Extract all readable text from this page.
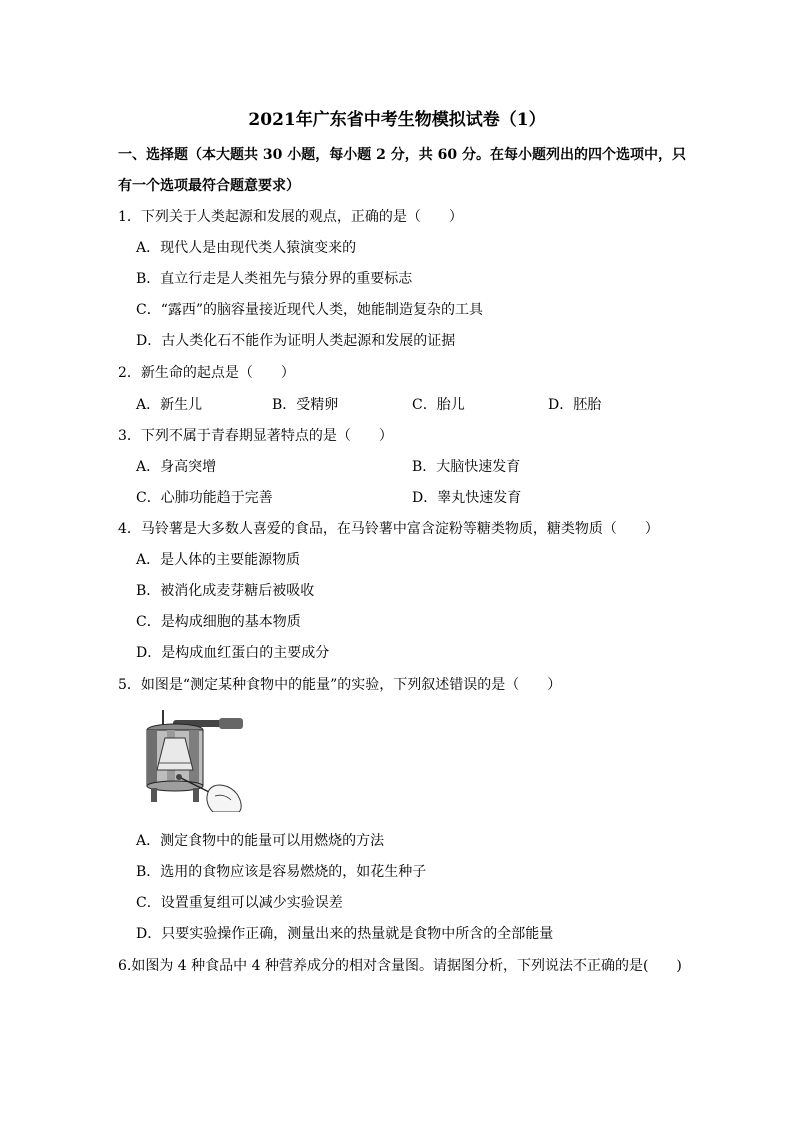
2021年广东省中考生物模拟试卷（1）
一、选择题（本大题共 30 小题，每小题 2 分，共 60 分。在每小题列出的四个选项中，只
有一个选项最符合题意要求）
1．下列关于人类起源和发展的观点，正确的是（　　）
A．现代人是由现代类人猿演变来的
B．直立行走是人类祖先与猿分界的重要标志
C．“露西”的脑容量接近现代人类，她能制造复杂的工具
D．古人类化石不能作为证明人类起源和发展的证据
2．新生命的起点是（　　）
A．新生儿	B．受精卵	C．胎儿	D．胚胎
3．下列不属于青春期显著特点的是（　　）
A．身高突增	B．大脑快速发育
C．心肺功能趋于完善	D．睾丸快速发育
4．马铃薯是大多数人喜爱的食品，在马铃薯中富含淀粉等糖类物质，糖类物质（　　）
A．是人体的主要能源物质
B．被消化成麦芽糖后被吸收
C．是构成细胞的基本物质
D．是构成血红蛋白的主要成分
5．如图是“测定某种食物中的能量”的实验，下列叙述错误的是（　　）
A．测定食物中的能量可以用燃烧的方法
B．选用的食物应该是容易燃烧的，如花生种子
C．设置重复组可以减少实验误差
D．只要实验操作正确，测量出来的热量就是食物中所含的全部能量
6.如图为 4 种食品中 4 种营养成分的相对含量图。请据图分析，下列说法不正确的是(　　)
